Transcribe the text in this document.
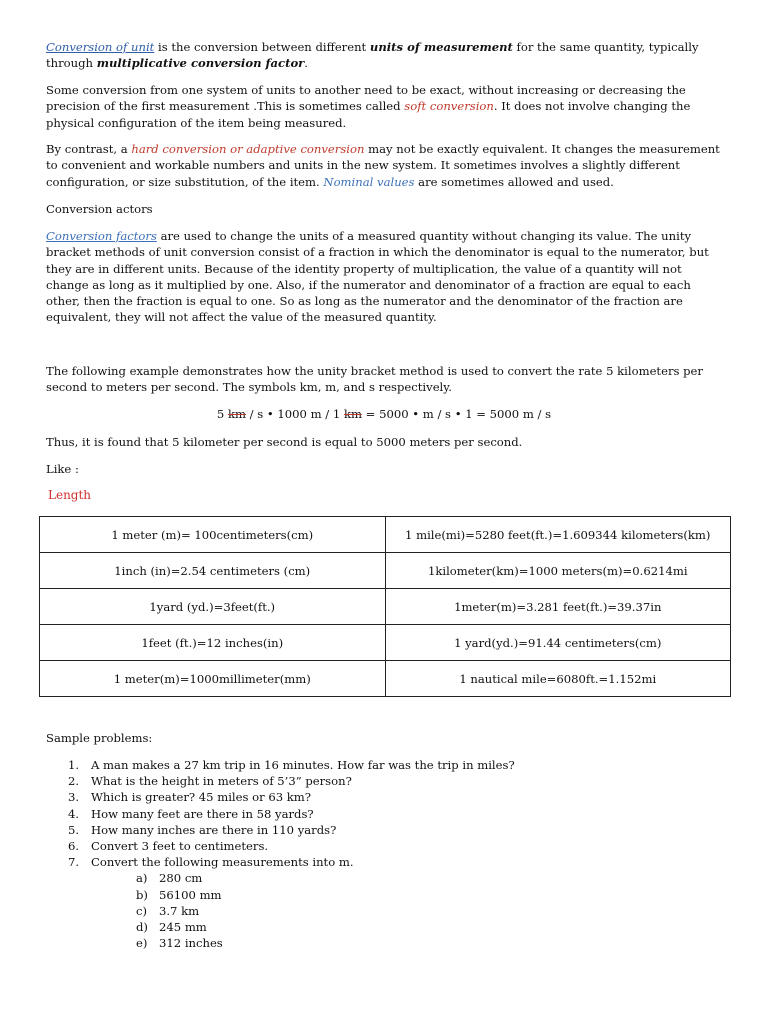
Conversion of unit is the conversion between different units of measurement for the same quantity, typically through multiplicative conversion factor.

Some conversion from one system of units to another need to be exact, without increasing or decreasing the precision of the first measurement .This is sometimes called soft conversion. It does not involve changing the physical configuration of the item being measured.

By contrast, a hard conversion or adaptive conversion may not be exactly equivalent. It changes the measurement to convenient and workable numbers and units in the new system. It sometimes involves a slightly different configuration, or size substitution, of the item. Nominal values are sometimes allowed and used.

Conversion actors

Conversion factors are used to change the units of a measured quantity without changing its value. The unity bracket methods of unit conversion consist of a fraction in which the denominator is equal to the numerator, but they are in different units. Because of the identity property of multiplication, the value of a quantity will not change as long as it multiplied by one. Also, if the numerator and denominator of a fraction are equal to each other, then the fraction is equal to one. So as long as the numerator and the denominator of the fraction are equivalent, they will not affect the value of the measured quantity.

The following example demonstrates how the unity bracket method is used to convert the rate 5 kilometers per second to meters per second. The symbols km, m, and s respectively.

5 km / s • 1000 m / 1 km = 5000 • m / s • 1 = 5000 m / s

Thus, it is found that 5 kilometer per second is equal to 5000 meters per second.

Like :

Length
1 meter (m)= 100centimeters(cm)	1 mile(mi)=5280 feet(ft.)=1.609344 kilometers(km)
1inch (in)=2.54 centimeters (cm)	1kilometer(km)=1000 meters(m)=0.6214mi
1yard (yd.)=3feet(ft.)	1meter(m)=3.281 feet(ft.)=39.37in
1feet (ft.)=12 inches(in)	1 yard(yd.)=91.44 centimeters(cm)
1 meter(m)=1000millimeter(mm)	1 nautical mile=6080ft.=1.152mi
Sample problems:
1. A man makes a 27 km trip in 16 minutes. How far was the trip in miles?
2. What is the height in meters of 5’3” person?
3. Which is greater? 45 miles or 63 km?
4. How many feet are there in 58 yards?
5. How many inches are there in 110 yards?
6. Convert 3 feet to centimeters.
7. Convert the following measurements into m.
a) 280 cm
b) 56100 mm
c) 3.7 km
d) 245 mm
e) 312 inches
